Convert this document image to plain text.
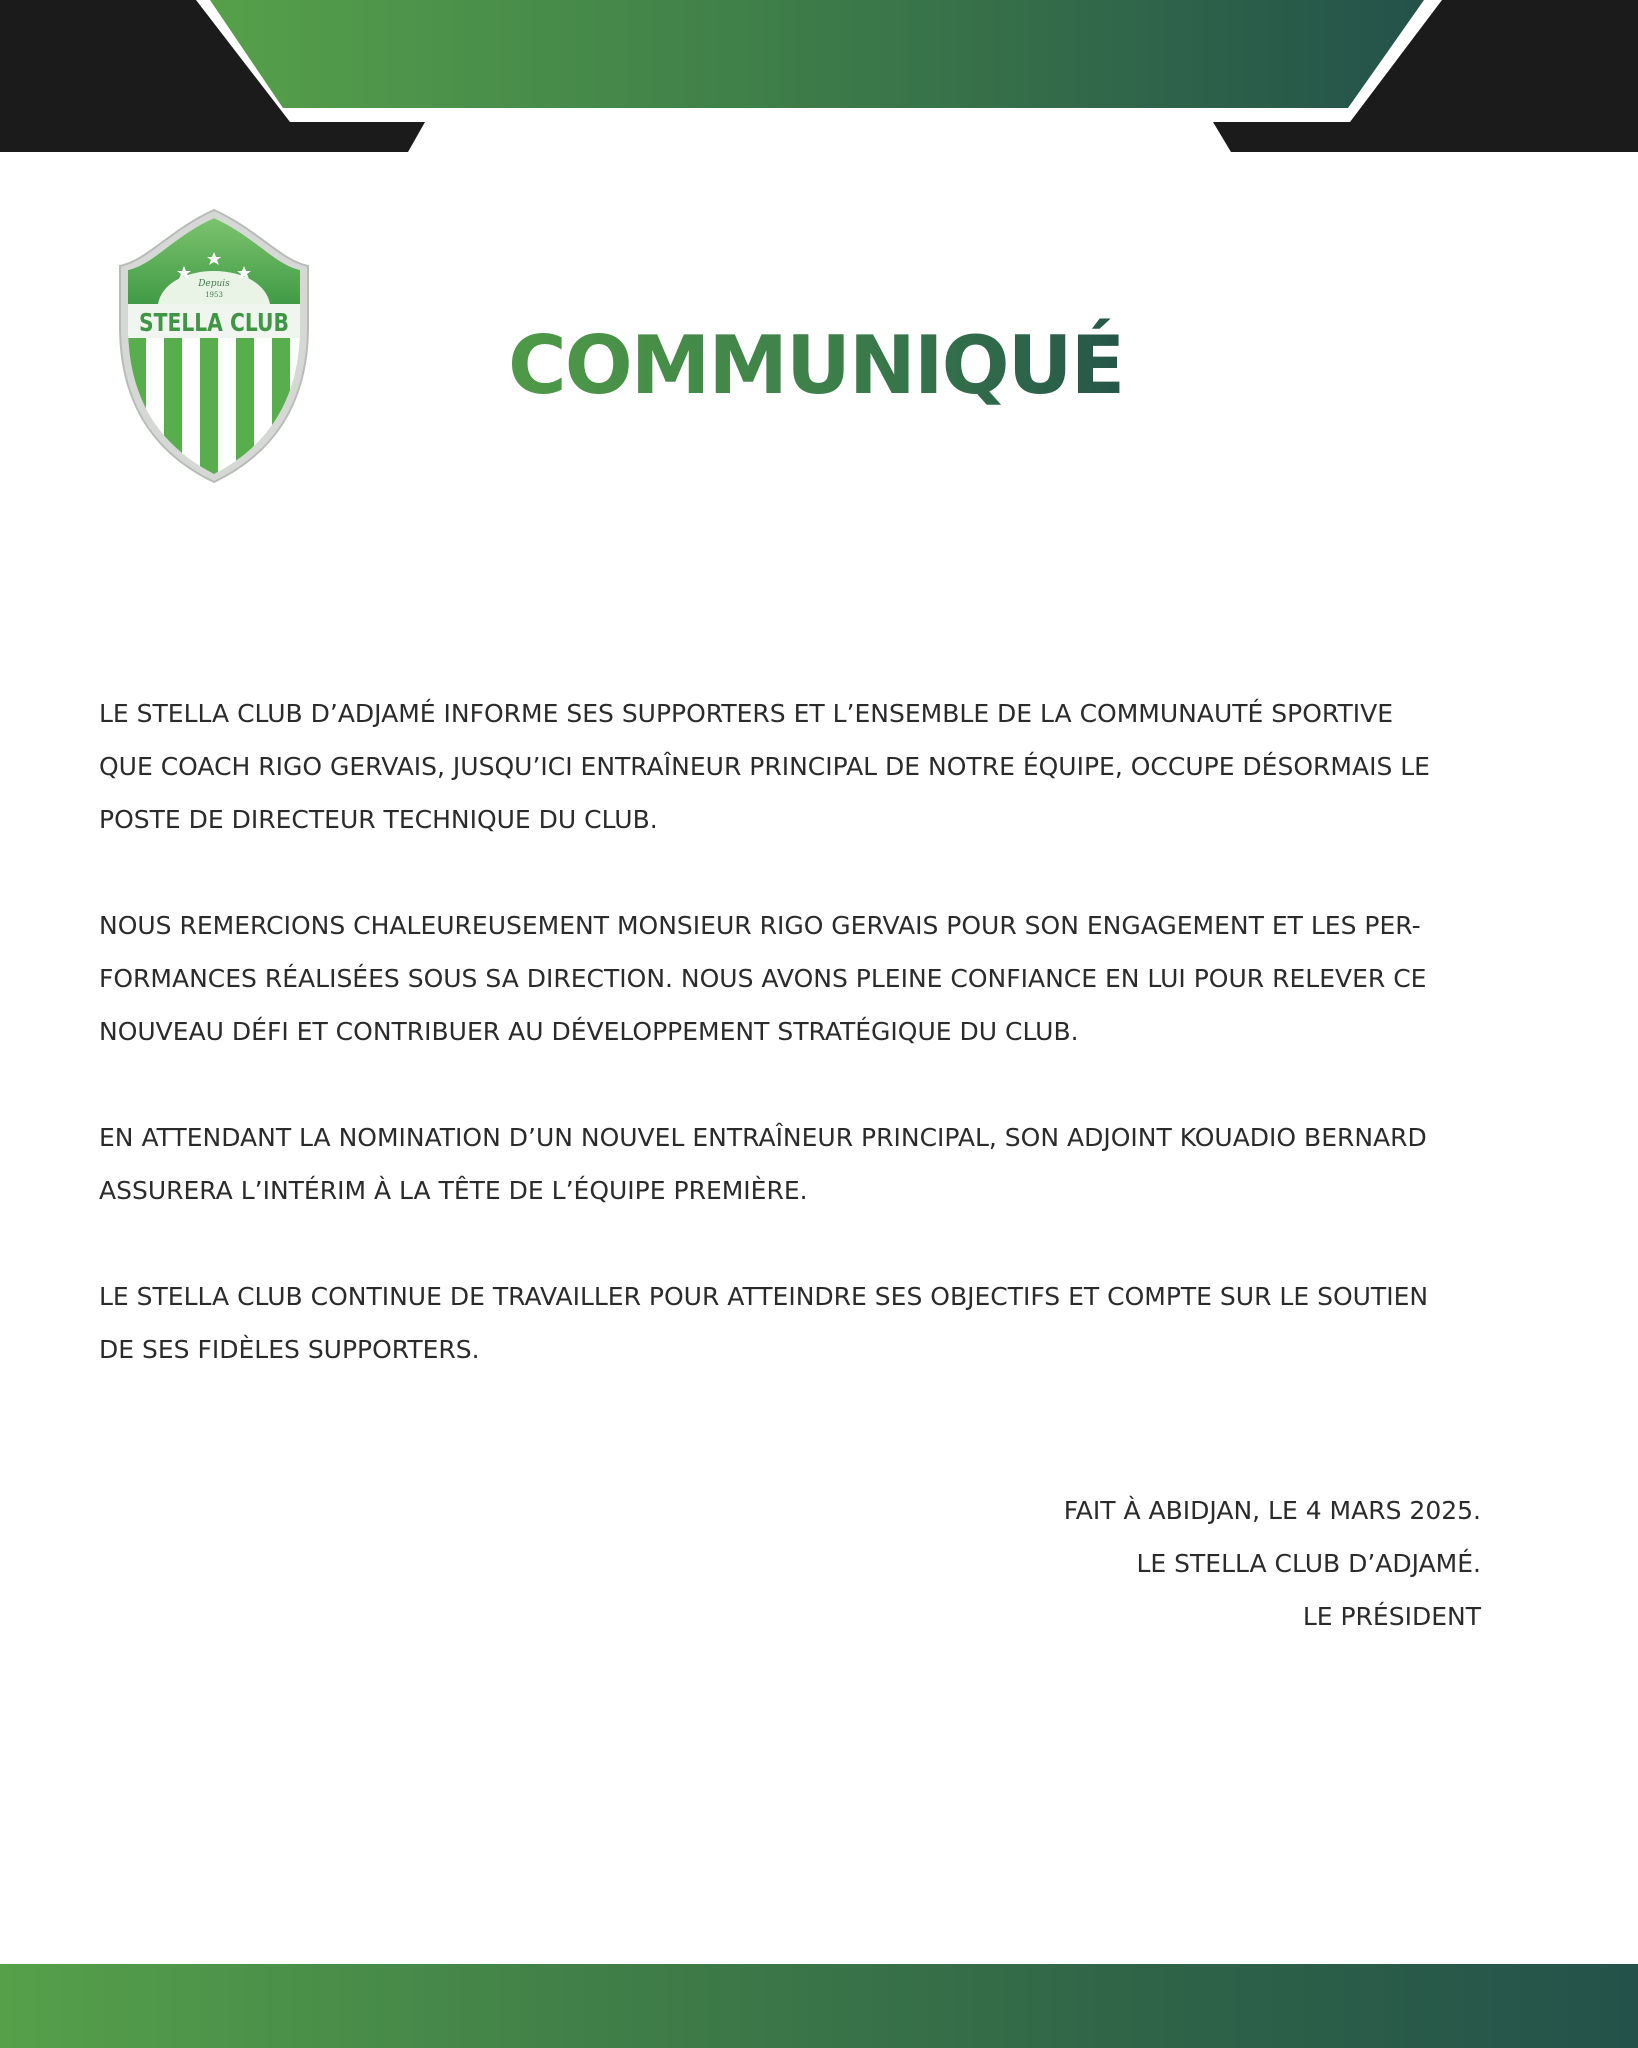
Depuis
1953
STELLA CLUB	COMMUNIQUÉ

LE STELLA CLUB D’ADJAMÉ INFORME SES SUPPORTERS ET L’ENSEMBLE DE LA COMMUNAUTÉ SPORTIVE
QUE COACH RIGO GERVAIS, JUSQU’ICI ENTRAÎNEUR PRINCIPAL DE NOTRE ÉQUIPE, OCCUPE DÉSORMAIS LE
POSTE DE DIRECTEUR TECHNIQUE DU CLUB.

NOUS REMERCIONS CHALEUREUSEMENT MONSIEUR RIGO GERVAIS POUR SON ENGAGEMENT ET LES PER-
FORMANCES RÉALISÉES SOUS SA DIRECTION. NOUS AVONS PLEINE CONFIANCE EN LUI POUR RELEVER CE
NOUVEAU DÉFI ET CONTRIBUER AU DÉVELOPPEMENT STRATÉGIQUE DU CLUB.

EN ATTENDANT LA NOMINATION D’UN NOUVEL ENTRAÎNEUR PRINCIPAL, SON ADJOINT KOUADIO BERNARD
ASSURERA L’INTÉRIM À LA TÊTE DE L’ÉQUIPE PREMIÈRE.

LE STELLA CLUB CONTINUE DE TRAVAILLER POUR ATTEINDRE SES OBJECTIFS ET COMPTE SUR LE SOUTIEN
DE SES FIDÈLES SUPPORTERS.

FAIT À ABIDJAN, LE 4 MARS 2025.
LE STELLA CLUB D’ADJAMÉ.
LE PRÉSIDENT
